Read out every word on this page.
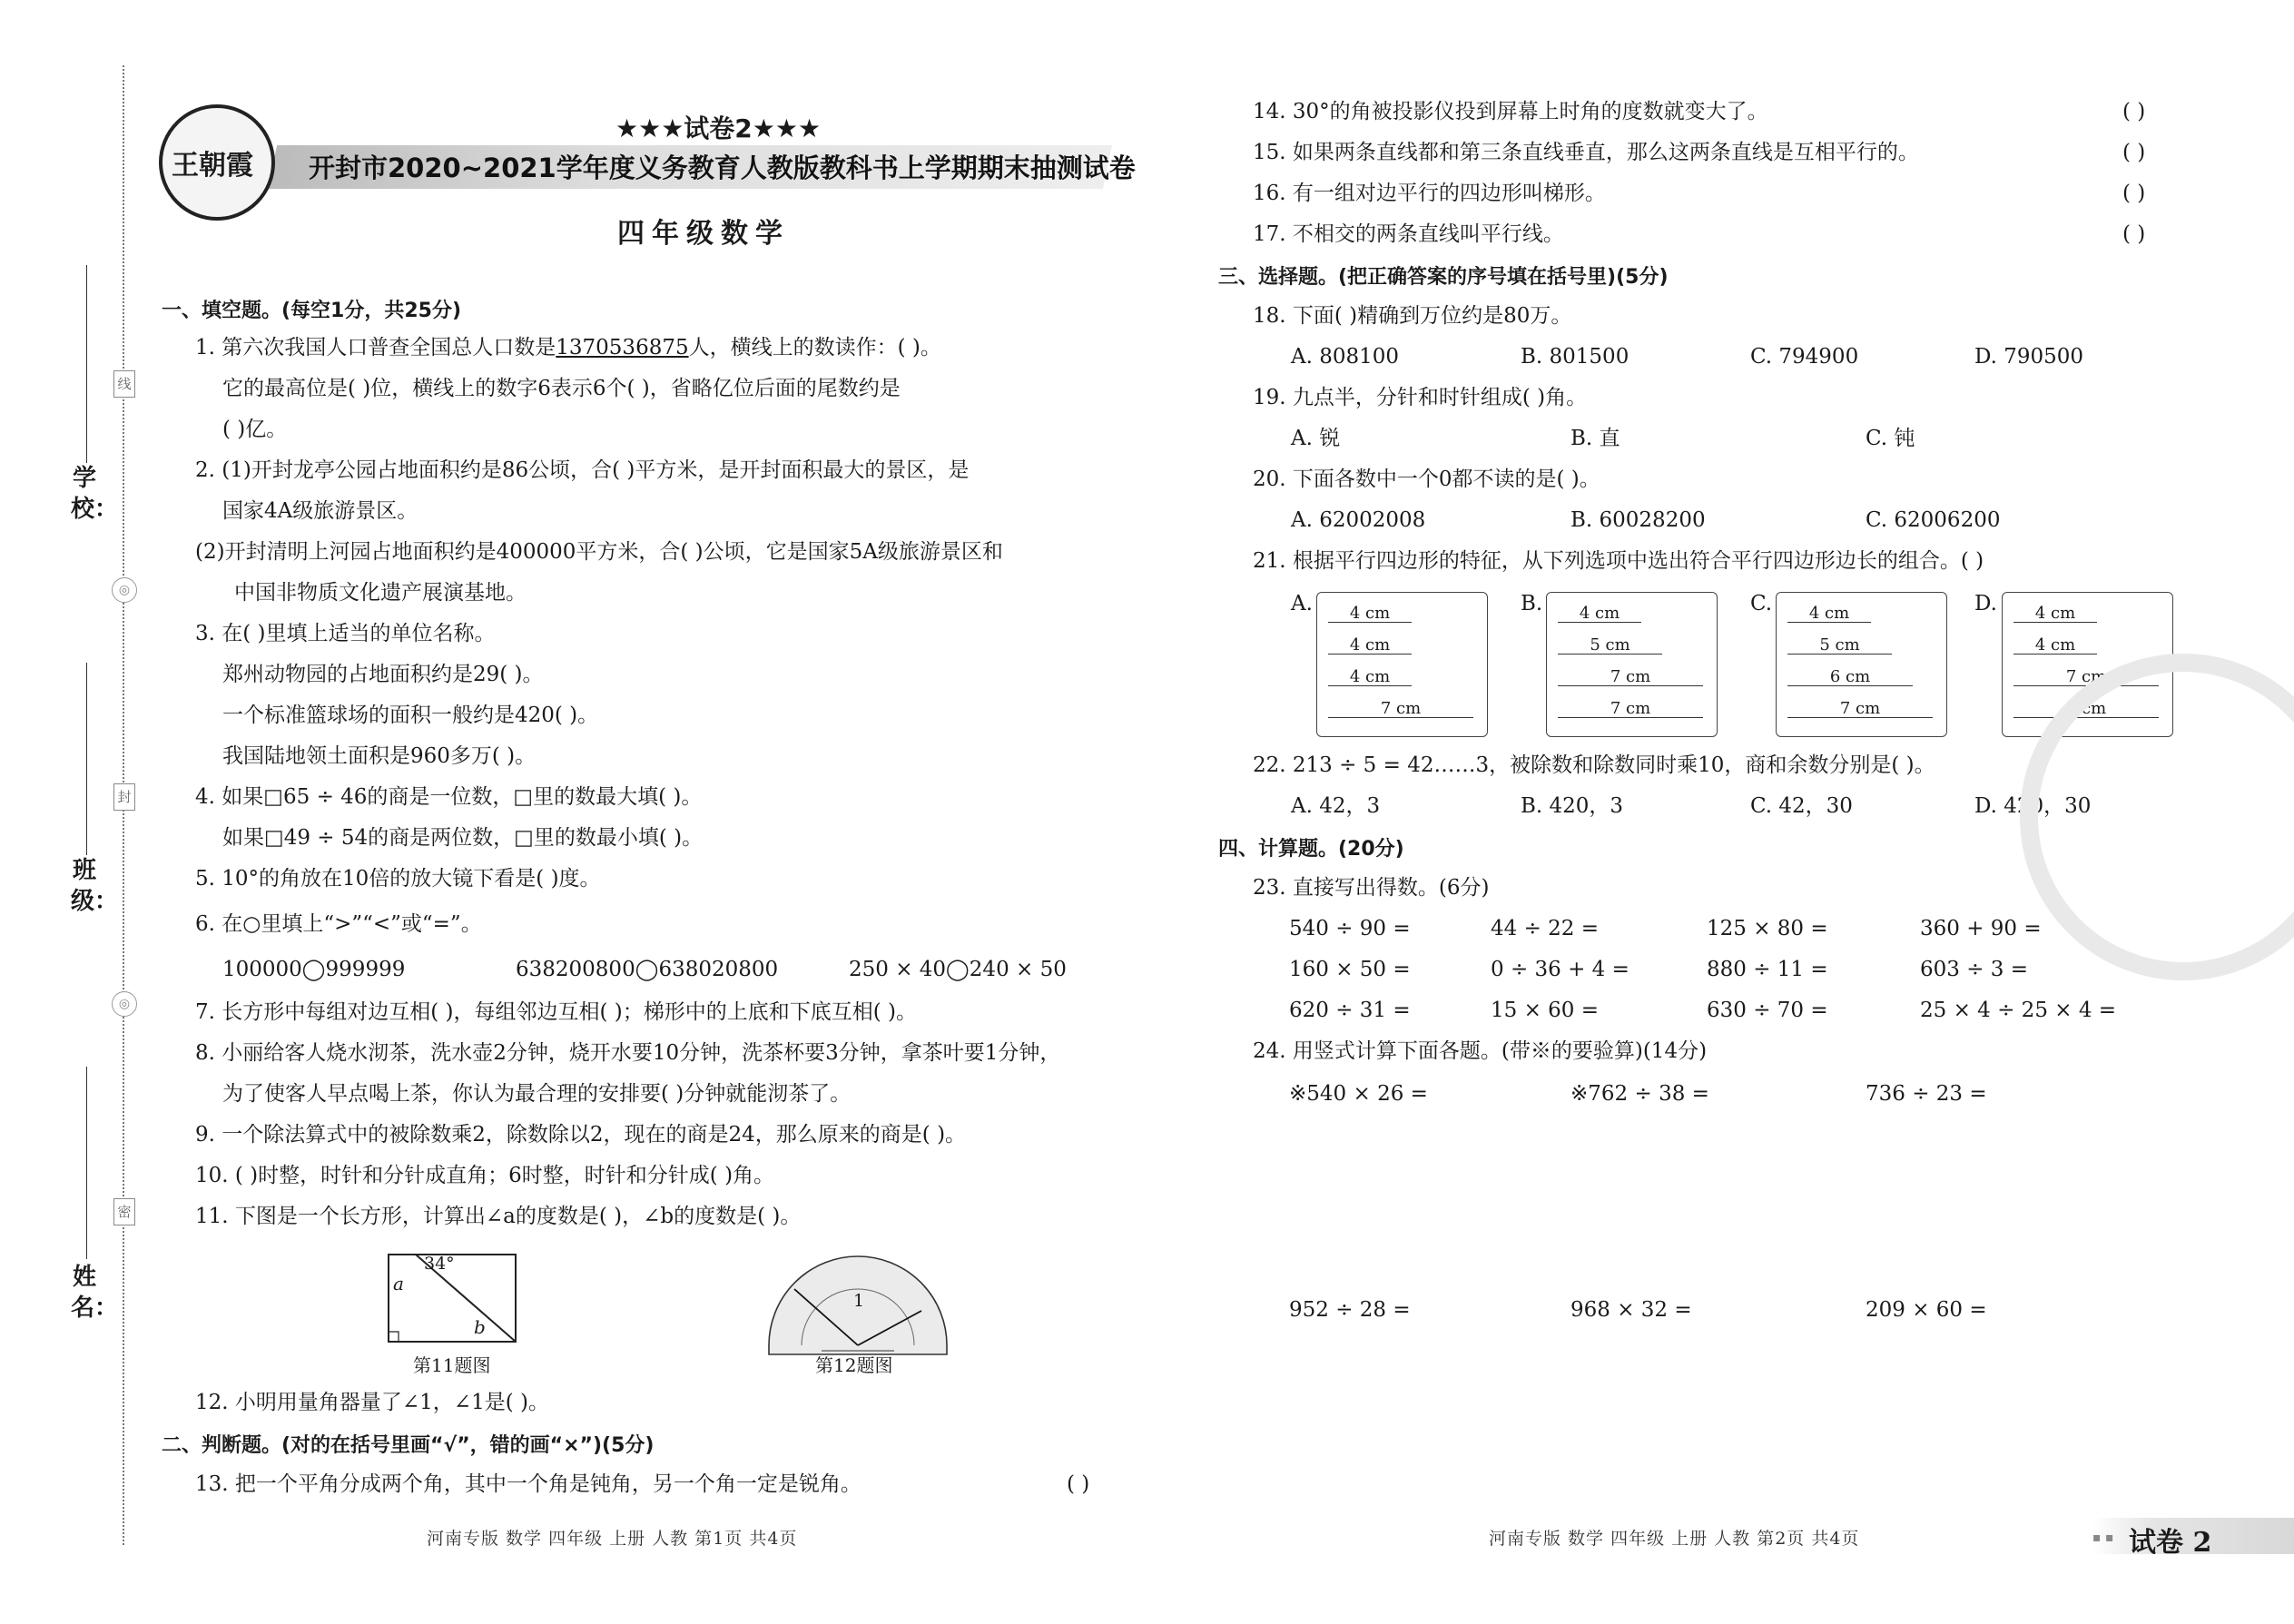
线
◎
封
◎
密
学校：
班级：
姓名：
王朝霞
★★★试卷2★★★
开封市2020~2021学年度义务教育人教版教科书上学期期末抽测试卷
四年级数学
一、填空题。(每空1分，共25分)
1. 第六次我国人口普查全国总人口数是1370536875人，横线上的数读作：( )。
它的最高位是( )位，横线上的数字6表示6个( )，省略亿位后面的尾数约是
( )亿。
2. (1)开封龙亭公园占地面积约是86公顷，合( )平方米，是开封面积最大的景区，是
国家4A级旅游景区。
(2)开封清明上河园占地面积约是400000平方米，合( )公顷，它是国家5A级旅游景区和
中国非物质文化遗产展演基地。
3. 在( )里填上适当的单位名称。
郑州动物园的占地面积约是29( )。
一个标准篮球场的面积一般约是420( )。
我国陆地领土面积是960多万( )。
4. 如果□65 ÷ 46的商是一位数，□里的数最大填( )。
如果□49 ÷ 54的商是两位数，□里的数最小填( )。
5. 10°的角放在10倍的放大镜下看是( )度。
6. 在○里填上“>”“<”或“=”。
100000◯999999	638200800◯638020800	250 × 40◯240 × 50
7. 长方形中每组对边互相( )，每组邻边互相( )；梯形中的上底和下底互相( )。
8. 小丽给客人烧水沏茶，洗水壶2分钟，烧开水要10分钟，洗茶杯要3分钟，拿茶叶要1分钟，
为了使客人早点喝上茶，你认为最合理的安排要( )分钟就能沏茶了。
9. 一个除法算式中的被除数乘2，除数除以2，现在的商是24，那么原来的商是( )。
10. ( )时整，时针和分针成直角；6时整，时针和分针成( )角。
11. 下图是一个长方形，计算出∠a的度数是( )，∠b的度数是( )。
34°
a
b
第11题图
1
第12题图
12. 小明用量角器量了∠1，∠1是( )。
二、判断题。(对的在括号里画“√”，错的画“×”)(5分)
13. 把一个平角分成两个角，其中一个角是钝角，另一个角一定是锐角。	( )
14. 30°的角被投影仪投到屏幕上时角的度数就变大了。	( )
15. 如果两条直线都和第三条直线垂直，那么这两条直线是互相平行的。	( )
16. 有一组对边平行的四边形叫梯形。	( )
17. 不相交的两条直线叫平行线。	( )
三、选择题。(把正确答案的序号填在括号里)(5分)
18. 下面( )精确到万位约是80万。
A. 808100	B. 801500	C. 794900	D. 790500
19. 九点半，分针和时针组成( )角。
A. 锐	B. 直	C. 钝
20. 下面各数中一个0都不读的是( )。
A. 62002008	B. 60028200	C. 62006200
21. 根据平行四边形的特征，从下列选项中选出符合平行四边形边长的组合。( )
A.	4 cm
4 cm
4 cm
7 cm
B.	4 cm
5 cm
7 cm
7 cm
C.	4 cm
5 cm
6 cm
7 cm
D.	4 cm
4 cm
7 cm
7 cm
22. 213 ÷ 5 = 42……3，被除数和除数同时乘10，商和余数分别是( )。
A. 42，3	B. 420，3	C. 42，30	D. 420，30
四、计算题。(20分)
23. 直接写出得数。(6分)
540 ÷ 90 =	44 ÷ 22 =	125 × 80 =	360 + 90 =
160 × 50 =	0 ÷ 36 + 4 =	880 ÷ 11 =	603 ÷ 3 =
620 ÷ 31 =	15 × 60 =	630 ÷ 70 =	25 × 4 ÷ 25 × 4 =
24. 用竖式计算下面各题。(带※的要验算)(14分)
※540 × 26 =	※762 ÷ 38 =	736 ÷ 23 =
952 ÷ 28 =	968 × 32 =	209 × 60 =
河南专版 数学 四年级 上册 人教 第1页 共4页	河南专版 数学 四年级 上册 人教 第2页 共4页	▪ ▪ 试卷 2
